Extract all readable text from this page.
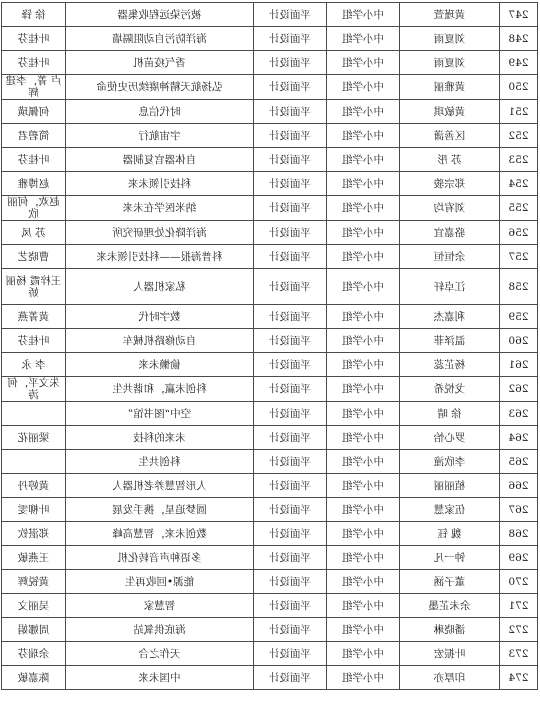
247	黄瑾萱	中小学组	平面设计	被污染远程收集器	徐 锋
248	刘夏雨	中小学组	平面设计	海洋防污自动阻隔墙	叶桂芬
249	刘夏雨	中小学组	平面设计	香气疫苗机	叶桂芬
250	黄雅丽	中小学组	平面设计	弘扬航天精神赓续历史使命	卢 菁，李建辉
251	黄敏琪	中小学组	平面设计	时代信息	何佩璜
252	区善潇	中小学组	平面设计	宇宙航行	简碧君
253	苏 彤	中小学组	平面设计	自体器官复制器	叶桂芬
254	郑宗骏	中小学组	平面设计	科技引领未来	赵博雅
255	刘宥均	中小学组	平面设计	纳米医学在未来	赵欢，何丽欣
256	骆嘉宜	中小学组	平面设计	海洋降化处理研究所	苏 凤
257	余恒恒	中小学组	平面设计	科普海报——科技引领未来	曹晓艺
258	江卓轩	中小学组	平面设计	私家机器人	王梓霞 杨丽娇
259	利嘉杰	中小学组	平面设计	数字时代	黄菁燕
260	温泽菲	中小学组	平面设计	自动修路机械车	叶桂芬
261	杨芷蕊	中小学组	平面设计	偷懒未来	李 永
262	戈悦希	中小学组	平面设计	科创未赢，和谐共生	朱文平，何涛
263	徐 晴	中小学组	平面设计	空中“图书馆”	
264	罗心怡	中小学组	平面设计	未来的科技	梁丽花
265	李欣潼	中小学组	平面设计	科创共生	
266	植丽丽	中小学组	平面设计	人形智慧养老机器人	黄婷丹
267	伍家慧	中小学组	平面设计	圆梦追星，携手发展	叶柳雯
268	魏 钰	中小学组	平面设计	数创未来，智慧高峰	郑湛钦
269	钟一凡	中小学组	平面设计	多语种声音转化机	王燕敏
270	董子涵	中小学组	平面设计	能源•回收再生	黄锐辉
271	余未芷墨	中小学组	平面设计	智慧家	吴丽文
272	潘晓琳	中小学组	平面设计	海底供氧站	周娜娟
273	叶振宏	中小学组	平面设计	天作之合	余瑞芬
274	印厚亦	中小学组	平面设计	中国未来	陈嘉敏
